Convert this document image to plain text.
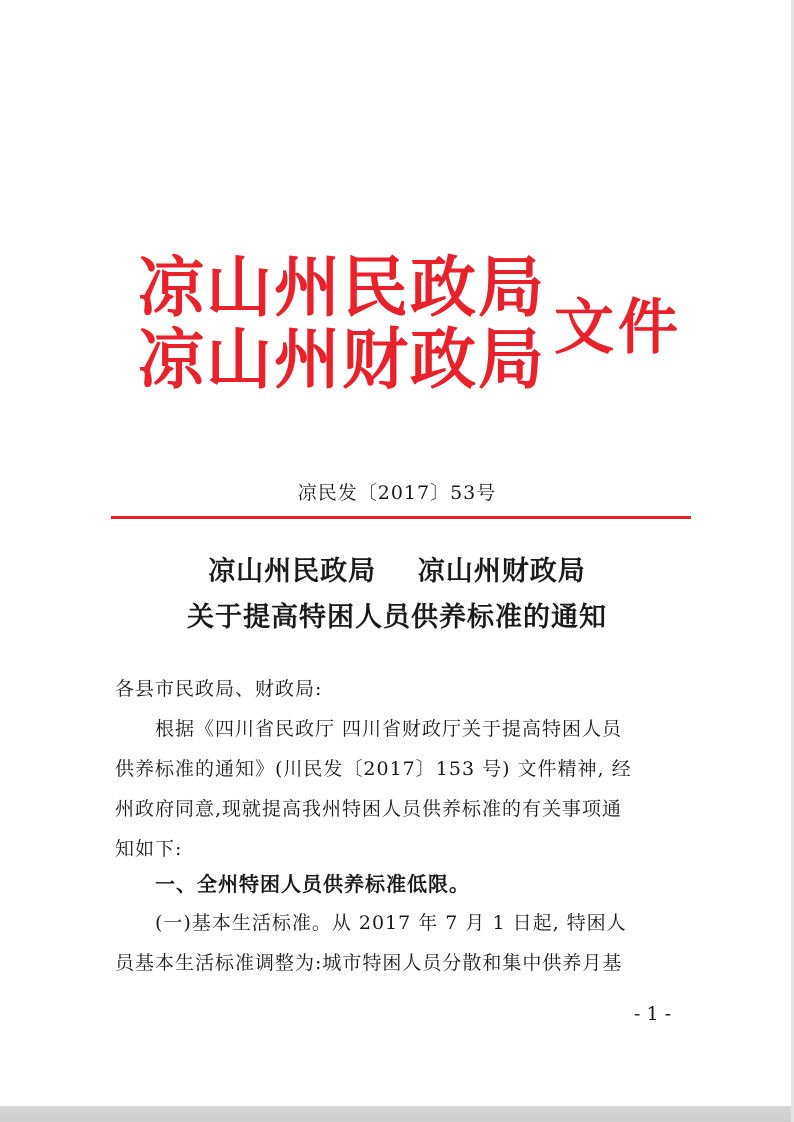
凉山州民政局
凉山州财政局 文件
凉民发〔2017〕53号
凉山州民政局    凉山州财政局
关于提高特困人员供养标准的通知
各县市民政局、财政局:
根据《四川省民政厅 四川省财政厅关于提高特困人员
供养标准的通知》(川民发〔2017〕153 号) 文件精神, 经
州政府同意,现就提高我州特困人员供养标准的有关事项通
知如下:
一、全州特困人员供养标准低限。
(一)基本生活标准。从 2017 年 7 月 1 日起, 特困人
员基本生活标准调整为:城市特困人员分散和集中供养月基
- 1 -
